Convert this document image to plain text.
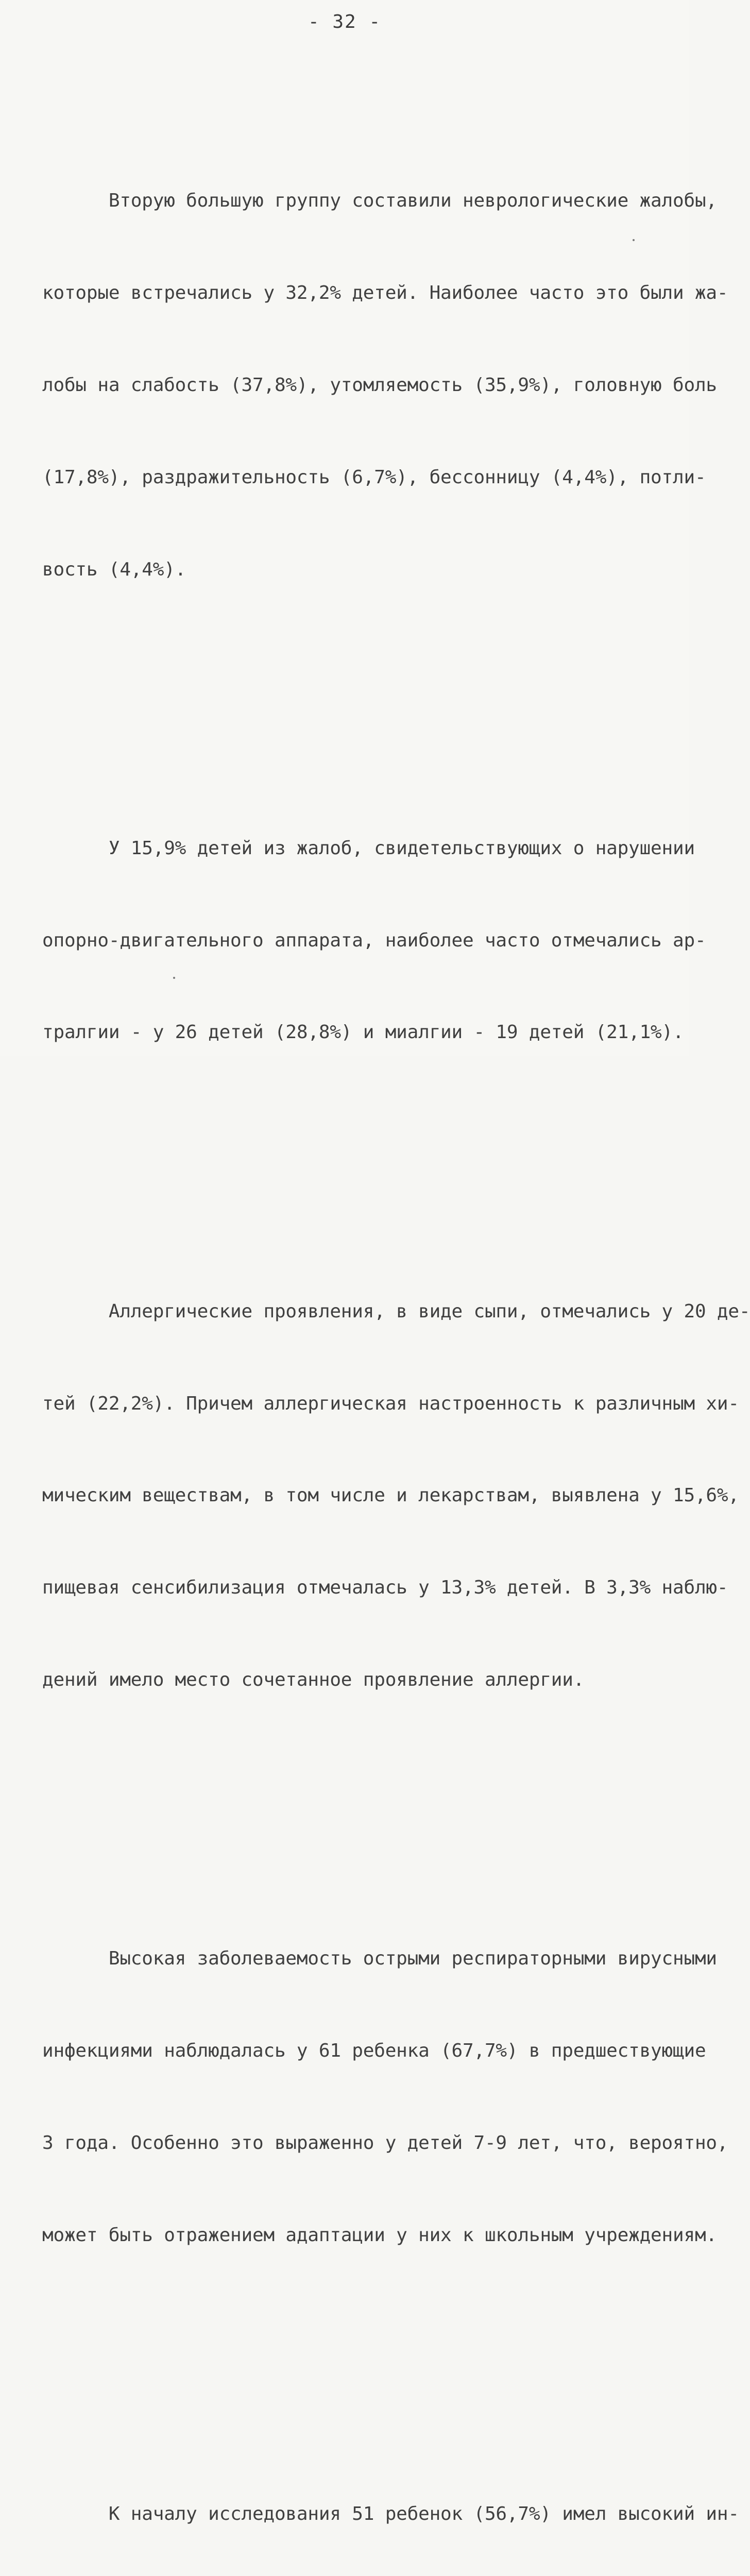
- 32 -

Вторую большую группу составили неврологические жалобы,

которые встречались у 32,2% детей. Наиболее часто это были жа-

лобы на слабость (37,8%), утомляемость (35,9%), головную боль

(17,8%), раздражительность (6,7%), бессонницу (4,4%), потли-

вость (4,4%).

У 15,9% детей из жалоб, свидетельствующих о нарушении

опорно-двигательного аппарата, наиболее часто отмечались ар-

тралгии - у 26 детей (28,8%) и миалгии - 19 детей (21,1%).

Аллергические проявления, в виде сыпи, отмечались у 20 де-

тей (22,2%). Причем аллергическая настроенность к различным хи-

мическим веществам, в том числе и лекарствам, выявлена у 15,6%,

пищевая сенсибилизация отмечалась у 13,3% детей. В 3,3% наблю-

дений имело место сочетанное проявление аллергии.

Высокая заболеваемость острыми респираторными вирусными

инфекциями наблюдалась у 61 ребенка (67,7%) в предшествующие

3 года. Особенно это выраженно у детей 7-9 лет, что, вероятно,

может быть отражением адаптации у них к школьным учреждениям.

К началу исследования 51 ребенок (56,7%) имел высокий ин-
